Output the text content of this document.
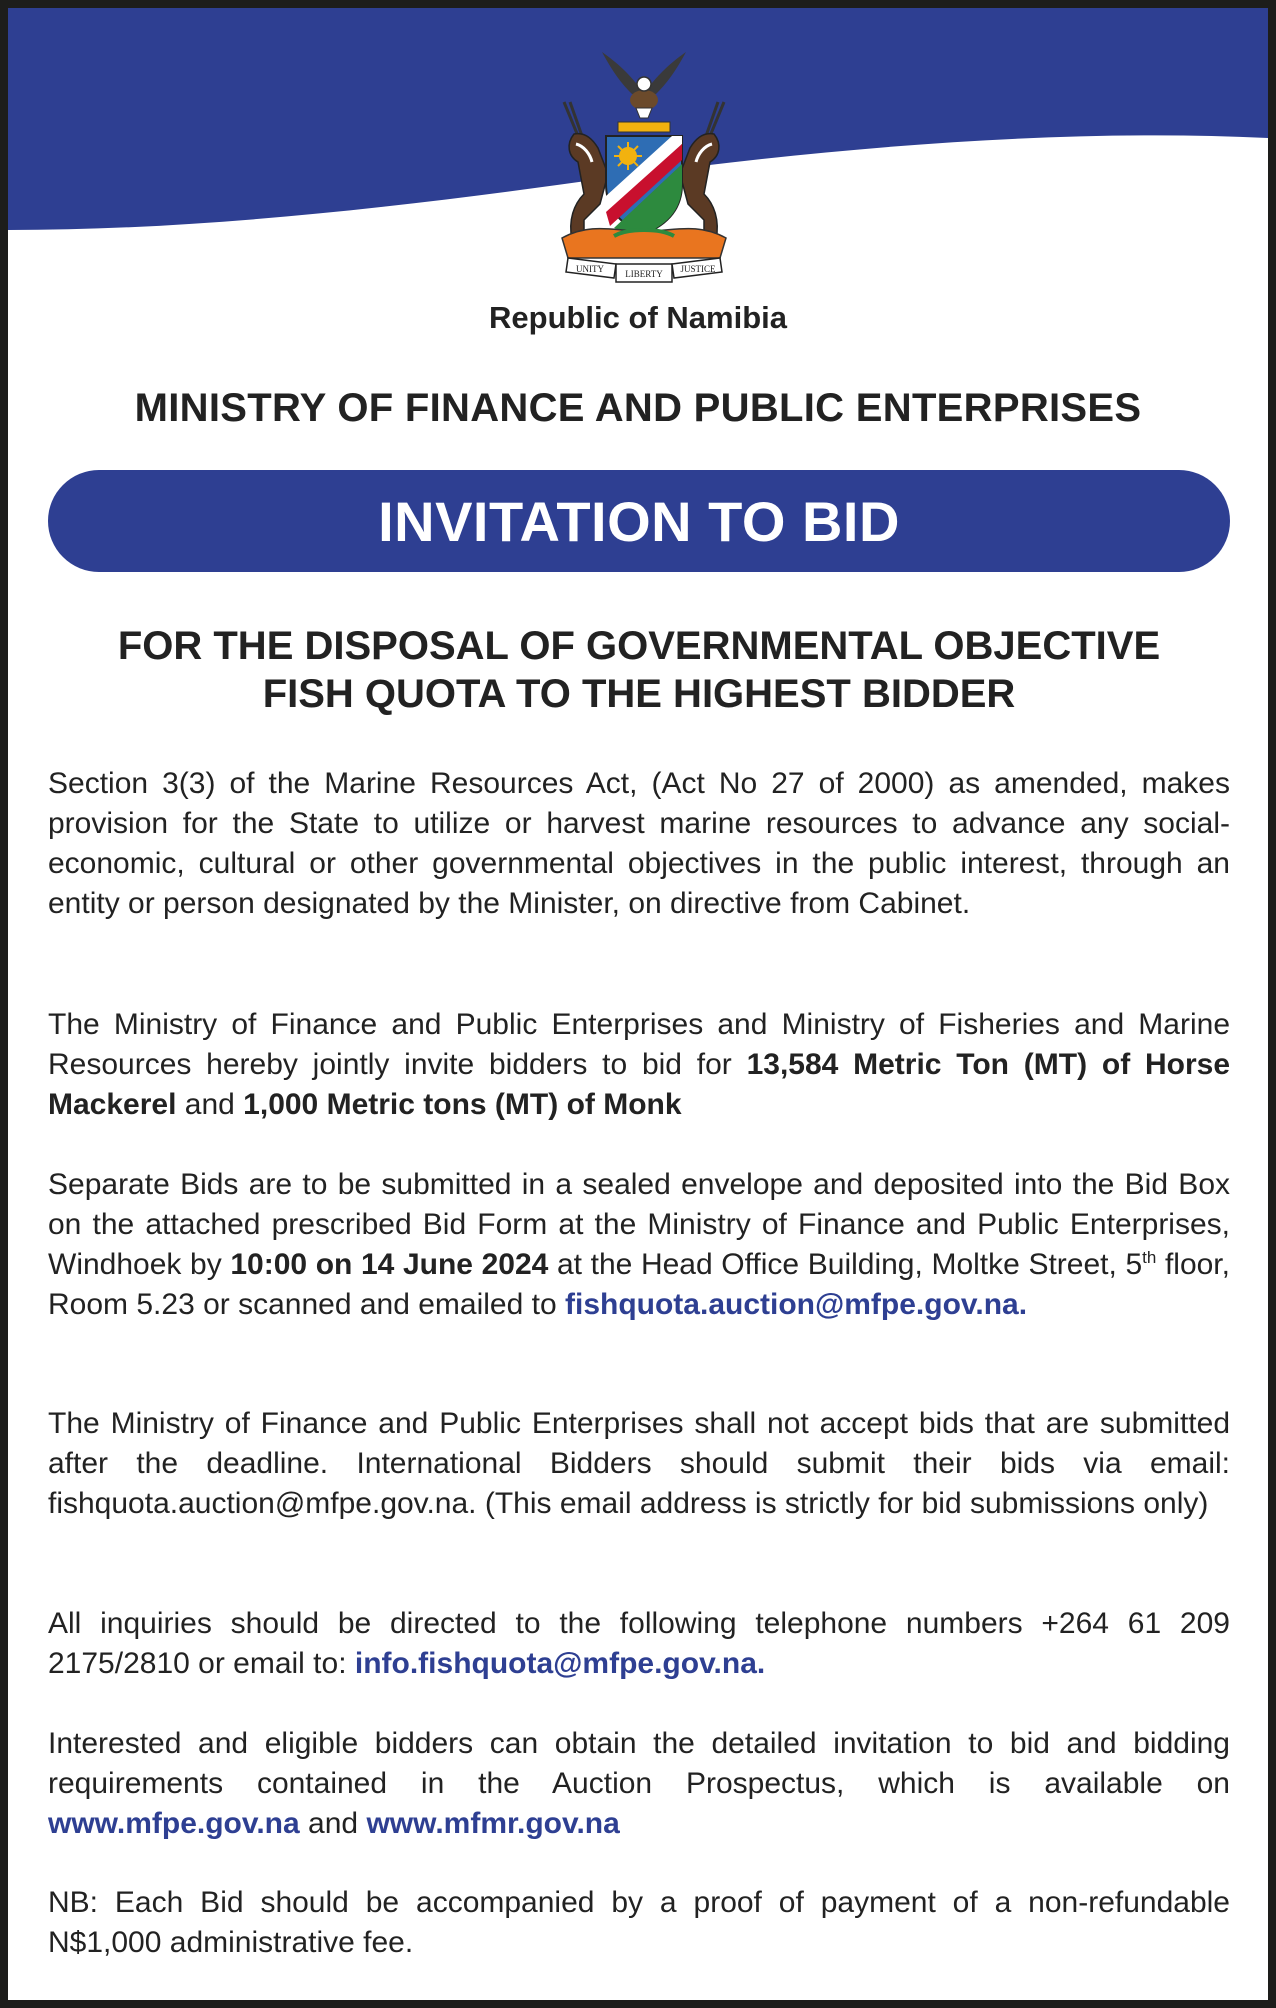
UNITY LIBERTY JUSTICE
Republic of Namibia
MINISTRY OF FINANCE AND PUBLIC ENTERPRISES
INVITATION TO BID
FOR THE DISPOSAL OF GOVERNMENTAL OBJECTIVE
FISH QUOTA TO THE HIGHEST BIDDER

Section 3(3) of the Marine Resources Act, (Act No 27 of 2000) as amended, makes provision for the State to utilize or harvest marine resources to advance any social-economic, cultural or other governmental objectives in the public interest, through an entity or person designated by the Minister, on directive from Cabinet.

The Ministry of Finance and Public Enterprises and Ministry of Fisheries and Marine Resources hereby jointly invite bidders to bid for 13,584 Metric Ton (MT) of Horse Mackerel and 1,000 Metric tons (MT) of Monk

Separate Bids are to be submitted in a sealed envelope and deposited into the Bid Box on the attached prescribed Bid Form at the Ministry of Finance and Public Enterprises, Windhoek by 10:00 on 14 June 2024 at the Head Office Building, Moltke Street, 5th floor, Room 5.23 or scanned and emailed to fishquota.auction@mfpe.gov.na.

The Ministry of Finance and Public Enterprises shall not accept bids that are submitted after the deadline. International Bidders should submit their bids via email: fishquota.auction@mfpe.gov.na. (This email address is strictly for bid submissions only)

All inquiries should be directed to the following telephone numbers +264 61 209 2175/2810 or email to: info.fishquota@mfpe.gov.na.

Interested and eligible bidders can obtain the detailed invitation to bid and bidding requirements contained in the Auction Prospectus, which is available on www.mfpe.gov.na and www.mfmr.gov.na

NB: Each Bid should be accompanied by a proof of payment of a non-refundable N$1,000 administrative fee.
